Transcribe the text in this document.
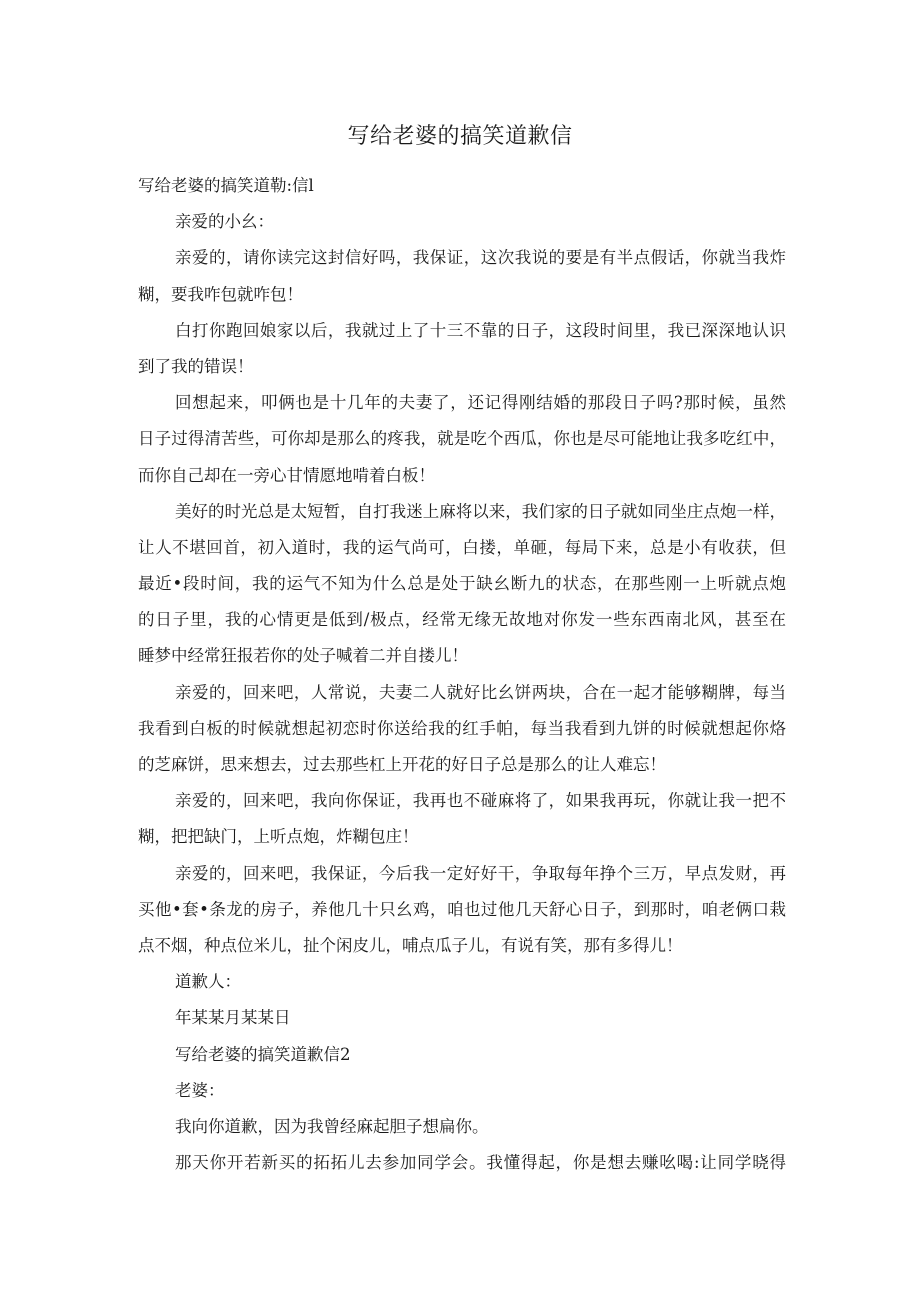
写给老婆的搞笑道歉信
写给老婆的搞笑道勒:信l
亲爱的小幺：
亲爱的，请你读完这封信好吗，我保证，这次我说的要是有半点假话，你就当我炸
糊，要我咋包就咋包！
白打你跑回娘家以后，我就过上了十三不靠的日子，这段时间里，我已深深地认识
到了我的错误！
回想起来，叩俩也是十几年的夫妻了，还记得刚结婚的那段日子吗?那时候，虽然
日子过得清苦些，可你却是那么的疼我，就是吃个西瓜，你也是尽可能地让我多吃红中，
而你自己却在一旁心甘情愿地啃着白板！
美好的时光总是太短暂，自打我迷上麻将以来，我们家的日子就如同坐庄点炮一样，
让人不堪回首，初入道时，我的运气尚可，白搂，单砸，每局下来，总是小有收获，但
最近•段时间，我的运气不知为什么总是处于缺幺断九的状态，在那些刚一上听就点炮
的日子里，我的心情更是低到/极点，经常无缘无故地对你发一些东西南北风，甚至在
睡梦中经常狂报若你的处子喊着二并自搂儿！
亲爱的，回来吧，人常说，夫妻二人就好比幺饼两块，合在一起才能够糊牌，每当
我看到白板的时候就想起初恋时你送给我的红手帕，每当我看到九饼的时候就想起你烙
的芝麻饼，思来想去，过去那些杠上开花的好日子总是那么的让人难忘！
亲爱的，回来吧，我向你保证，我再也不碰麻将了，如果我再玩，你就让我一把不
糊，把把缺门，上听点炮，炸糊包庄！
亲爱的，回来吧，我保证，今后我一定好好干，争取每年挣个三万，早点发财，再
买他•套•条龙的房子，养他几十只幺鸡，咱也过他几天舒心日子，到那时，咱老俩口栽
点不烟，种点位米儿，扯个闲皮儿，哺点瓜子儿，有说有笑，那有多得儿！
道歉人：
年某某月某某日
写给老婆的搞笑道歉信2
老婆：
我向你道歉，因为我曾经麻起胆子想扁你。
那天你开若新买的拓拓儿去参加同学会。我懂得起，你是想去赚吆喝:让同学晓得
